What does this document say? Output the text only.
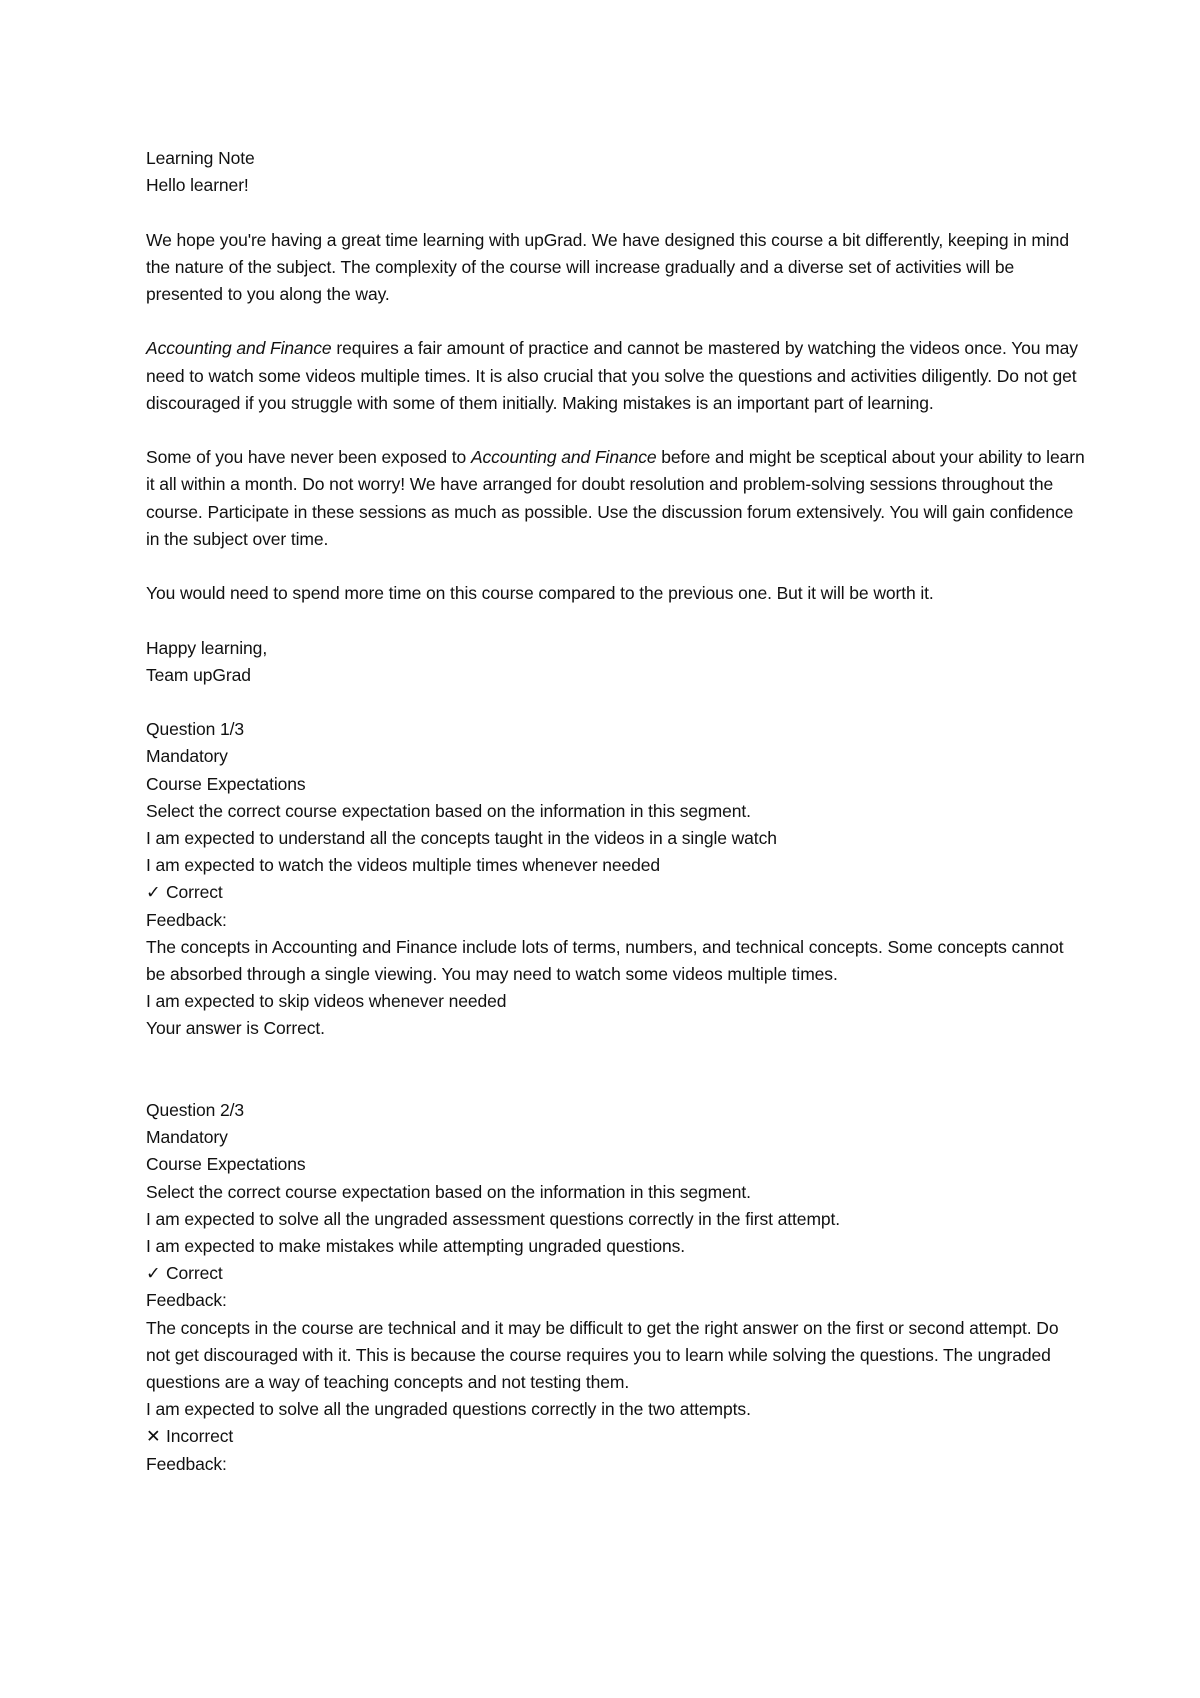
Learning Note
Hello learner!

We hope you're having a great time learning with upGrad. We have designed this course a bit differently, keeping in mind the nature of the subject. The complexity of the course will increase gradually and a diverse set of activities will be presented to you along the way.

Accounting and Finance requires a fair amount of practice and cannot be mastered by watching the videos once. You may need to watch some videos multiple times. It is also crucial that you solve the questions and activities diligently. Do not get discouraged if you struggle with some of them initially. Making mistakes is an important part of learning.

Some of you have never been exposed to Accounting and Finance before and might be sceptical about your ability to learn it all within a month. Do not worry! We have arranged for doubt resolution and problem-solving sessions throughout the course. Participate in these sessions as much as possible. Use the discussion forum extensively. You will gain confidence in the subject over time.

You would need to spend more time on this course compared to the previous one. But it will be worth it.

Happy learning,
Team upGrad
Question 1/3
Mandatory
Course Expectations
Select the correct course expectation based on the information in this segment.
I am expected to understand all the concepts taught in the videos in a single watch
I am expected to watch the videos multiple times whenever needed
✓ Correct
Feedback:

The concepts in Accounting and Finance include lots of terms, numbers, and technical concepts. Some concepts cannot be absorbed through a single viewing. You may need to watch some videos multiple times.

I am expected to skip videos whenever needed
Your answer is Correct.
Question 2/3
Mandatory
Course Expectations
Select the correct course expectation based on the information in this segment.
I am expected to solve all the ungraded assessment questions correctly in the first attempt.
I am expected to make mistakes while attempting ungraded questions.
✓ Correct
Feedback:

The concepts in the course are technical and it may be difficult to get the right answer on the first or second attempt. Do not get discouraged with it. This is because the course requires you to learn while solving the questions. The ungraded questions are a way of teaching concepts and not testing them.

I am expected to solve all the ungraded questions correctly in the two attempts.
✕ Incorrect
Feedback:
